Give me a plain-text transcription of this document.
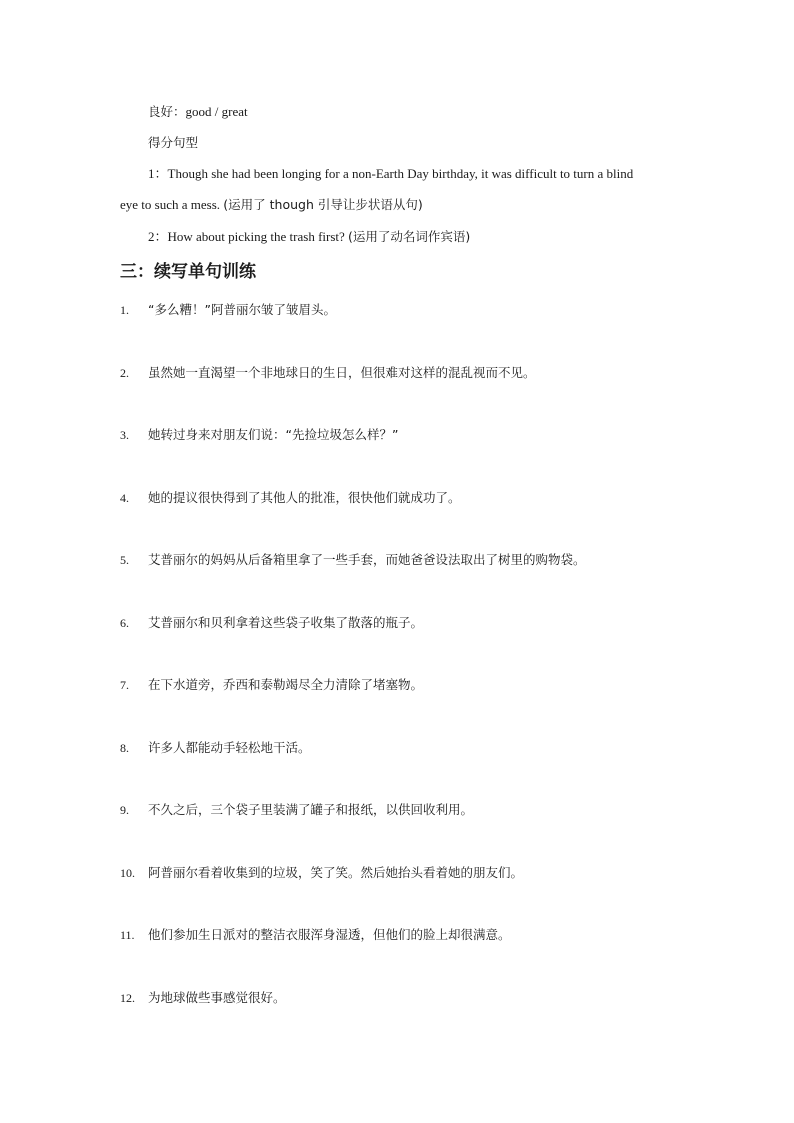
良好：good / great
得分句型
1：Though she had been longing for a non-Earth Day birthday, it was difficult to turn a blind
eye to such a mess. (运用了 though 引导让步状语从句)
2：How about picking the trash first? (运用了动名词作宾语)
三：续写单句训练
1. “多么糟！”阿普丽尔皱了皱眉头。
2. 虽然她一直渴望一个非地球日的生日，但很难对这样的混乱视而不见。
3. 她转过身来对朋友们说：“先捡垃圾怎么样？”
4. 她的提议很快得到了其他人的批准，很快他们就成功了。
5. 艾普丽尔的妈妈从后备箱里拿了一些手套，而她爸爸设法取出了树里的购物袋。
6. 艾普丽尔和贝利拿着这些袋子收集了散落的瓶子。
7. 在下水道旁，乔西和泰勒竭尽全力清除了堵塞物。
8. 许多人都能动手轻松地干活。
9. 不久之后，三个袋子里装满了罐子和报纸，以供回收利用。
10. 阿普丽尔看着收集到的垃圾，笑了笑。然后她抬头看着她的朋友们。
11. 他们参加生日派对的整洁衣服浑身湿透，但他们的脸上却很满意。
12. 为地球做些事感觉很好。
